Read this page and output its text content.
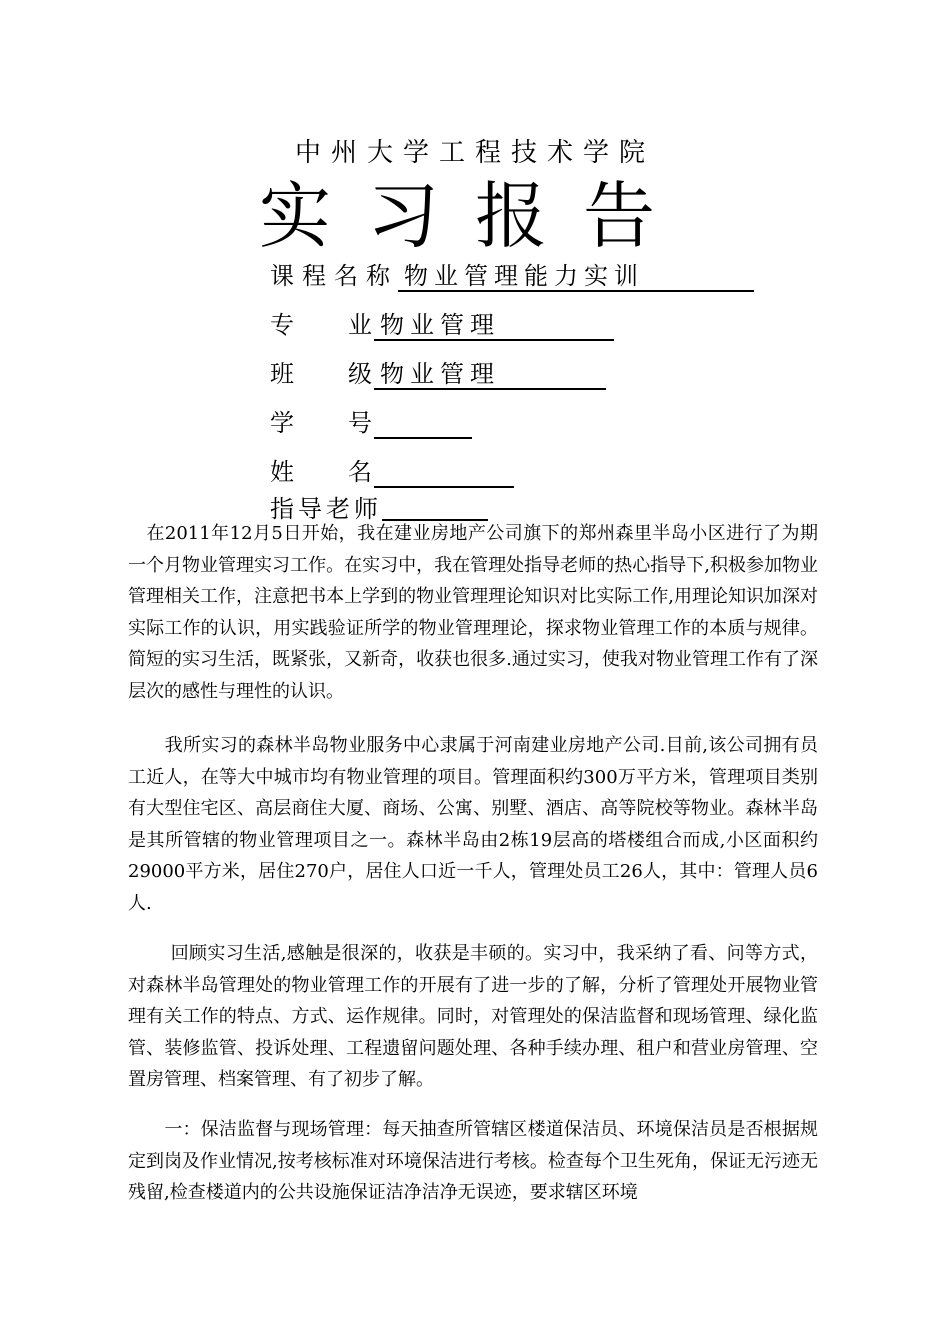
中州大学工程技术学院
实习报告
课程名称 物业管理能力实训
专　　业 物业管理
班　　级 物业管理
学　　号
姓　　名
指导老师
　在2011年12月5日开始，我在建业房地产公司旗下的郑州森里半岛小区进行了为期一个月物业管理实习工作。在实习中，我在管理处指导老师的热心指导下,积极参加物业管理相关工作，注意把书本上学到的物业管理理论知识对比实际工作,用理论知识加深对实际工作的认识，用实践验证所学的物业管理理论，探求物业管理工作的本质与规律。简短的实习生活，既紧张，又新奇，收获也很多.通过实习，使我对物业管理工作有了深层次的感性与理性的认识。
　　我所实习的森林半岛物业服务中心隶属于河南建业房地产公司.目前,该公司拥有员工近人，在等大中城市均有物业管理的项目。管理面积约300万平方米，管理项目类别有大型住宅区、高层商住大厦、商场、公寓、别墅、酒店、高等院校等物业。森林半岛是其所管辖的物业管理项目之一。森林半岛由2栋19层高的塔楼组合而成,小区面积约29000平方米，居住270户，居住人口近一千人，管理处员工26人，其中：管理人员6人.
　　 回顾实习生活,感触是很深的，收获是丰硕的。实习中，我采纳了看、问等方式，对森林半岛管理处的物业管理工作的开展有了进一步的了解，分析了管理处开展物业管理有关工作的特点、方式、运作规律。同时，对管理处的保洁监督和现场管理、绿化监管、装修监管、投诉处理、工程遗留问题处理、各种手续办理、租户和营业房管理、空置房管理、档案管理、有了初步了解。
　　一：保洁监督与现场管理：每天抽查所管辖区楼道保洁员、环境保洁员是否根据规定到岗及作业情况,按考核标准对环境保洁进行考核。检查每个卫生死角，保证无污迹无残留,检查楼道内的公共设施保证洁净洁净无误迹，要求辖区环境
